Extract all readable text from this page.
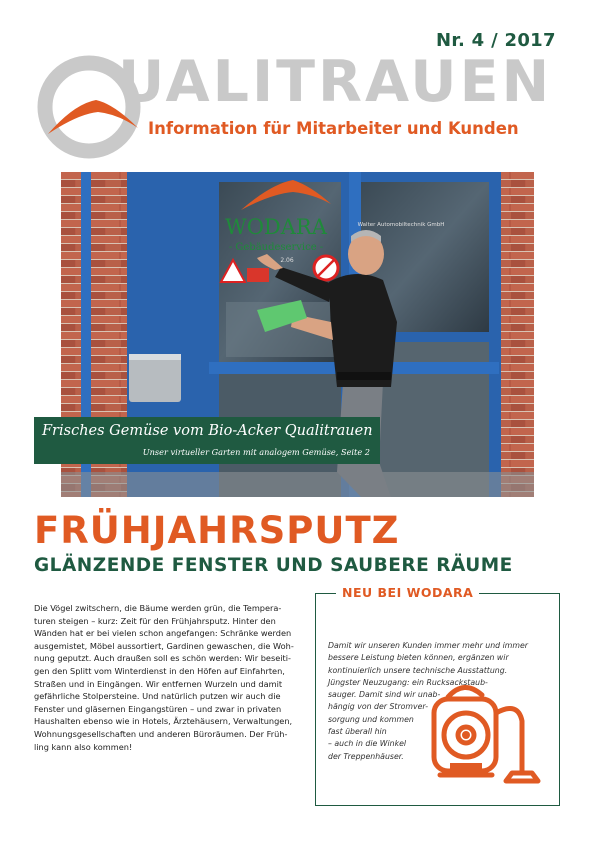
Nr. 4 / 2017
UALITRAUEN
Information für Mitarbeiter und Kunden
WODARA
- Gebäudeservice -
2.06
Walter Automobiltechnik GmbH
Frisches Gemüse vom Bio-Acker Qualitrauen
Unser virtueller Garten mit analogem Gemüse, Seite 2
FRÜHJAHRSPUTZ
GLÄNZENDE FENSTER UND SAUBERE RÄUME
Die Vögel zwitschern, die Bäume werden grün, die Tempera-
turen steigen – kurz: Zeit für den Frühjahrsputz. Hinter den
Wänden hat er bei vielen schon angefangen: Schränke werden
ausgemistet, Möbel aussortiert, Gardinen gewaschen, die Woh-
nung geputzt. Auch draußen soll es schön werden: Wir beseiti-
gen den Splitt vom Winterdienst in den Höfen auf Einfahrten,
Straßen und in Eingängen. Wir entfernen Wurzeln und damit
gefährliche Stolpersteine. Und natürlich putzen wir auch die
Fenster und gläsernen Eingangstüren – und zwar in privaten
Haushalten ebenso wie in Hotels, Ärztehäusern, Verwaltungen,
Wohnungsgesellschaften und anderen Büroräumen. Der Früh-
ling kann also kommen!
NEU BEI WODARA
Damit wir unseren Kunden immer mehr und immer
bessere Leistung bieten können, ergänzen wir
kontinuierlich unsere technische Ausstattung.
Jüngster Neuzugang: ein Rucksackstaub-
sauger. Damit sind wir unab-
hängig von der Stromver-
sorgung und kommen
fast überall hin
– auch in die Winkel
der Treppenhäuser.
